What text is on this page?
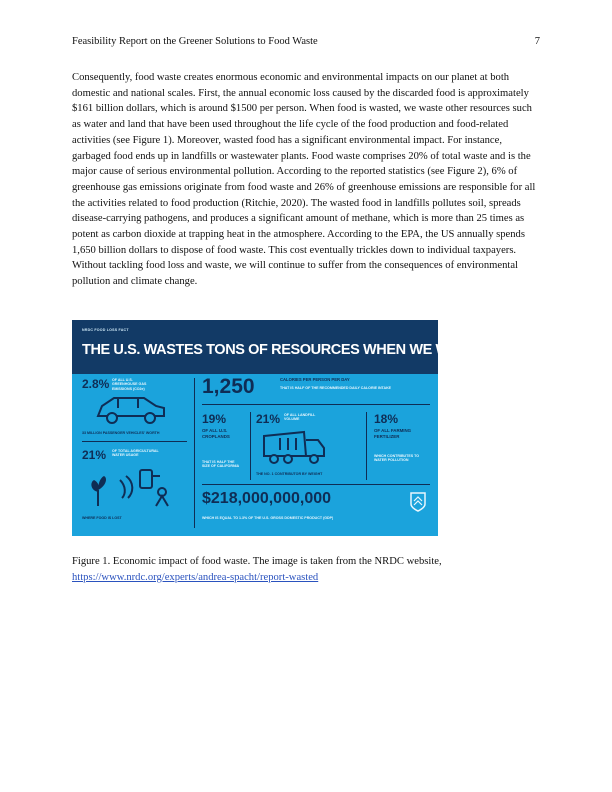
Feasibility Report on the Greener Solutions to Food Waste	7

Consequently, food waste creates enormous economic and environmental impacts on our planet at both domestic and national scales. First, the annual economic loss caused by the discarded food is approximately $161 billion dollars, which is around $1500 per person. When food is wasted, we waste other resources such as water and land that have been used throughout the life cycle of the food production and food-related activities (see Figure 1). Moreover, wasted food has a significant environmental impact. For instance, garbaged food ends up in landfills or wastewater plants. Food waste comprises 20% of total waste and is the major cause of serious environmental pollution. According to the reported statistics (see Figure 2), 6% of greenhouse gas emissions originate from food waste and 26% of greenhouse emissions are responsible for all the activities related to food production (Ritchie, 2020). The wasted food in landfills pollutes soil, spreads disease-carrying pathogens, and produces a significant amount of methane, which is more than 25 times as potent as carbon dioxide at trapping heat in the atmosphere. According to the EPA, the US annually spends 1,650 billion dollars to dispose of food waste. This cost eventually trickles down to individual taxpayers. Without tackling food loss and waste, we will continue to suffer from the consequences of environmental pollution and climate change.

NRDC FOOD LOSS FACT
THE U.S. WASTES TONS OF RESOURCES WHEN WE WASTE FOOD
2.8% OF ALL U.S. GREENHOUSE GAS EMISSIONS (CO2e)
33 MILLION PASSENGER VEHICLES' WORTH
21% OF TOTAL AGRICULTURAL WATER USAGE
WHERE FOOD IS LOST
1,250	CALORIES PER PERSON PER DAY
THAT IS HALF OF THE RECOMMENDED DAILY CALORIE INTAKE
19%
OF ALL U.S. CROPLANDS
THAT IS HALF THE SIZE OF CALIFORNIA
21% OF ALL LANDFILL VOLUME
THE NO. 1 CONTRIBUTOR BY WEIGHT
18%
OF ALL FARMING FERTILIZER
WHICH CONTRIBUTES TO WATER POLLUTION
$218,000,000,000
WHICH IS EQUAL TO 1.3% OF THE U.S. GROSS DOMESTIC PRODUCT (GDP)

Figure 1. Economic impact of food waste. The image is taken from the NRDC website, https://www.nrdc.org/experts/andrea-spacht/report-wasted
